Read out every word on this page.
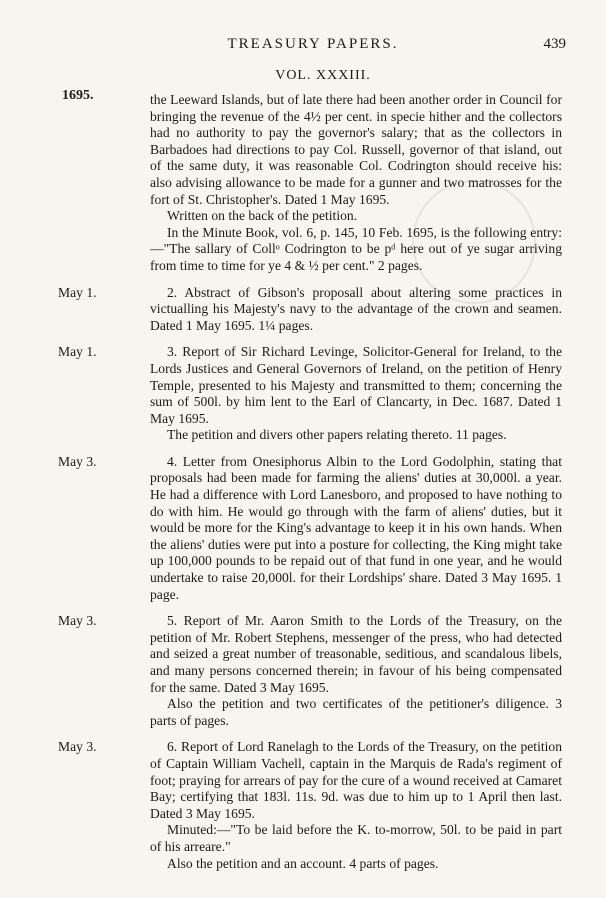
TREASURY PAPERS.	439
VOL. XXXIII.
1695.	the Leeward Islands, but of late there had been another order in Council for bringing the revenue of the 4½ per cent. in specie hither and the collectors had no authority to pay the governor's salary; that as the collectors in Barbadoes had directions to pay Col. Russell, governor of that island, out of the same duty, it was reasonable Col. Codrington should receive his: also advising allowance to be made for a gunner and two matrosses for the fort of St. Christopher's. Dated 1 May 1695.

Written on the back of the petition.

In the Minute Book, vol. 6, p. 145, 10 Feb. 1695, is the following entry:—"The sallary of Collᵒ Codrington to be pᵈ here out of ye sugar arriving from time to time for ye 4 & ½ per cent." 2 pages.

May 1.	2. Abstract of Gibson's proposall about altering some practices in victualling his Majesty's navy to the advantage of the crown and seamen. Dated 1 May 1695. 1¼ pages.

May 1.	3. Report of Sir Richard Levinge, Solicitor-General for Ireland, to the Lords Justices and General Governors of Ireland, on the petition of Henry Temple, presented to his Majesty and transmitted to them; concerning the sum of 500l. by him lent to the Earl of Clancarty, in Dec. 1687. Dated 1 May 1695.

The petition and divers other papers relating thereto. 11 pages.

May 3.	4. Letter from Onesiphorus Albin to the Lord Godolphin, stating that proposals had been made for farming the aliens' duties at 30,000l. a year. He had a difference with Lord Lanesboro, and proposed to have nothing to do with him. He would go through with the farm of aliens' duties, but it would be more for the King's advantage to keep it in his own hands. When the aliens' duties were put into a posture for collecting, the King might take up 100,000 pounds to be repaid out of that fund in one year, and he would undertake to raise 20,000l. for their Lordships' share. Dated 3 May 1695. 1 page.

May 3.	5. Report of Mr. Aaron Smith to the Lords of the Treasury, on the petition of Mr. Robert Stephens, messenger of the press, who had detected and seized a great number of treasonable, seditious, and scandalous libels, and many persons concerned therein; in favour of his being compensated for the same. Dated 3 May 1695.

Also the petition and two certificates of the petitioner's diligence. 3 parts of pages.

May 3.	6. Report of Lord Ranelagh to the Lords of the Treasury, on the petition of Captain William Vachell, captain in the Marquis de Rada's regiment of foot; praying for arrears of pay for the cure of a wound received at Camaret Bay; certifying that 183l. 11s. 9d. was due to him up to 1 April then last. Dated 3 May 1695.

Minuted:—"To be laid before the K. to-morrow, 50l. to be paid in part of his arreare."

Also the petition and an account. 4 parts of pages.
